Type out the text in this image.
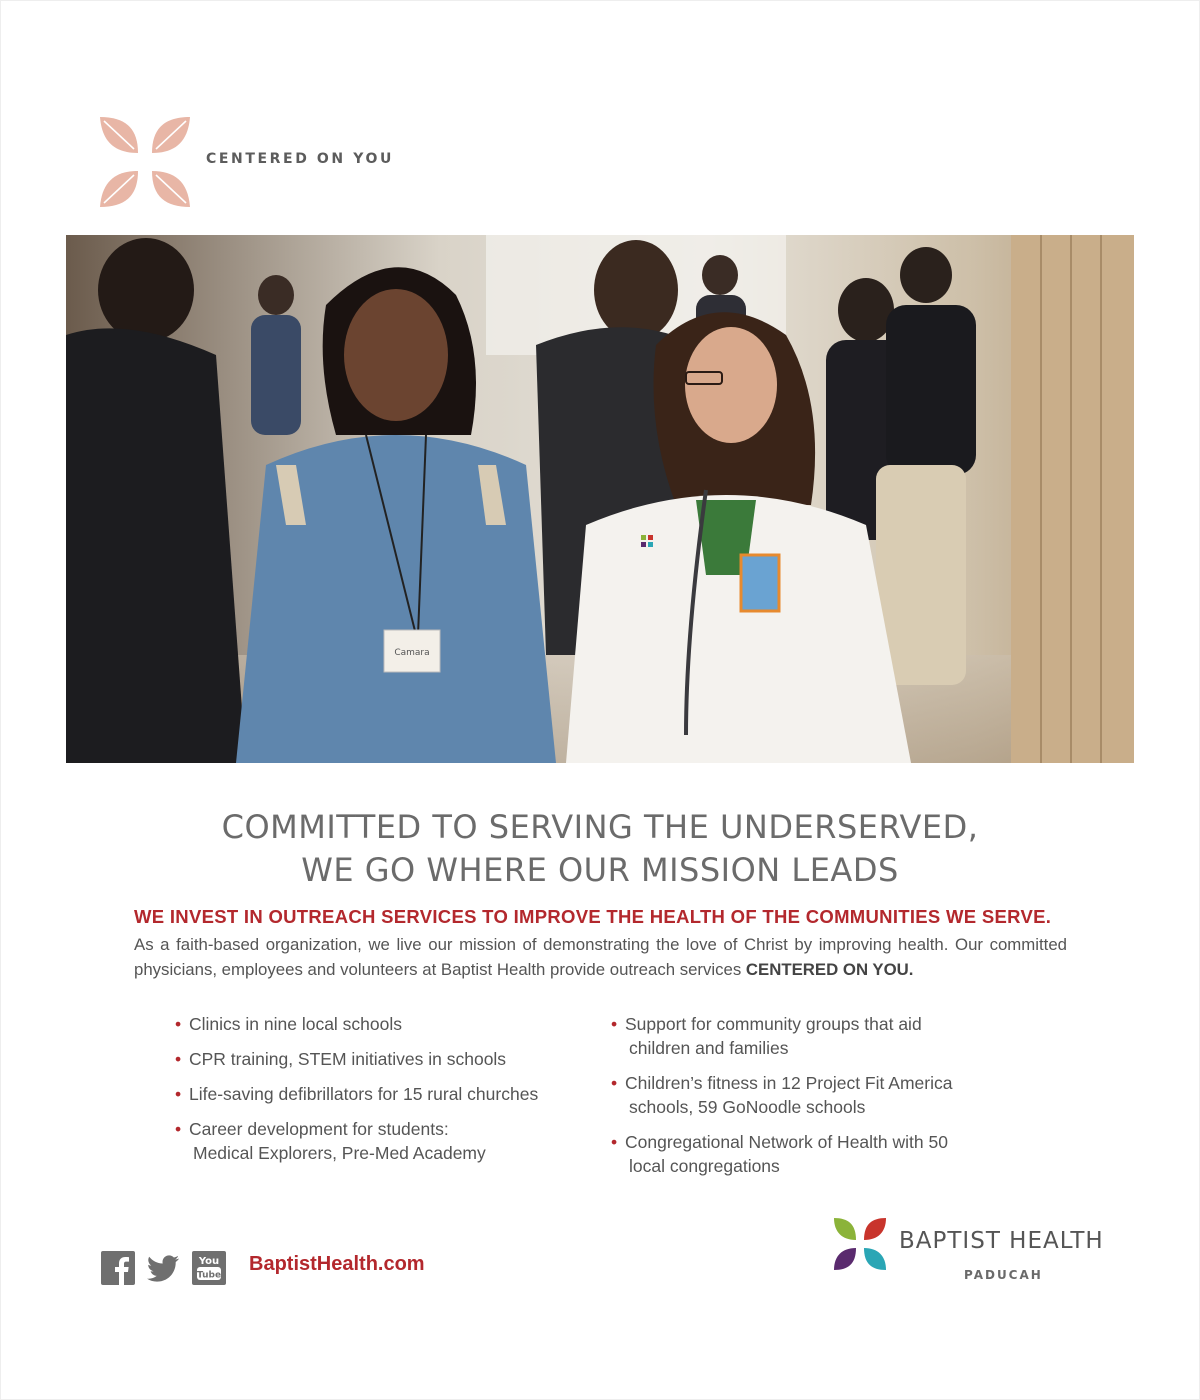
CENTERED ON YOU
Camara
COMMITTED TO SERVING THE UNDERSERVED,
WE GO WHERE OUR MISSION LEADS
WE INVEST IN OUTREACH SERVICES TO IMPROVE THE HEALTH OF THE COMMUNITIES WE SERVE.
As a faith-based organization, we live our mission of demonstrating the love of Christ by improving health. Our committed physicians, employees and volunteers at Baptist Health provide outreach services CENTERED ON YOU.
• Clinics in nine local schools
• CPR training, STEM initiatives in schools
• Life-saving defibrillators for 15 rural churches
• Career development for students:
Medical Explorers, Pre-Med Academy
• Support for community groups that aid
children and families
• Children’s fitness in 12 Project Fit America
schools, 59 GoNoodle schools
• Congregational Network of Health with 50
local congregations
You
Tube
BaptistHealth.com
BAPTIST HEALTH
PADUCAH
